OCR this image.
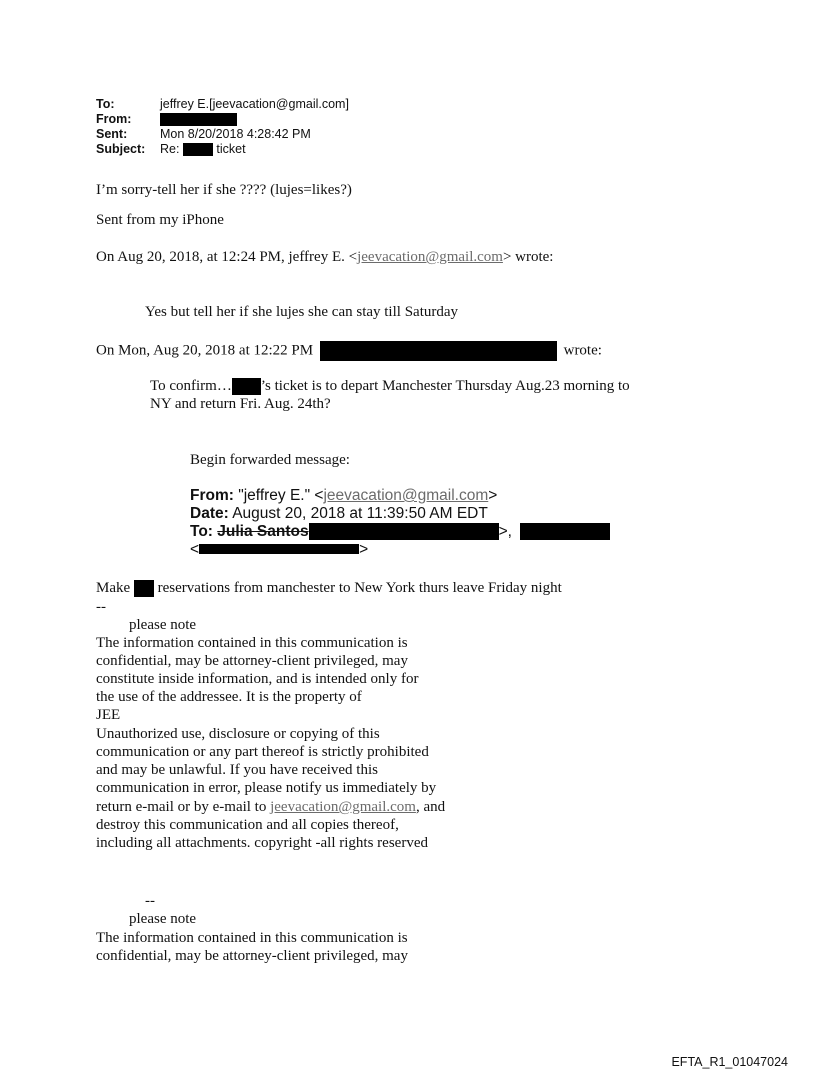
To:	jeffrey E.[jeevacation@gmail.com]
From:
Sent:	Mon 8/20/2018 4:28:42 PM
Subject: Re:	ticket
I’m sorry-tell her if she ???? (lujes=likes?)
Sent from my iPhone
On Aug 20, 2018, at 12:24 PM, jeffrey E. <jeevacation@gmail.com> wrote:
Yes but tell her if she lujes she can stay till Saturday
On Mon, Aug 20, 2018 at 12:22 PM	wrote:
To confirm… ’s ticket is to depart Manchester Thursday Aug.23 morning to
NY and return Fri. Aug. 24th?
Begin forwarded message:
From: "jeffrey E." <jeevacation@gmail.com>
Date: August 20, 2018 at 11:39:50 AM EDT
To: Julia Santos	>,
<	>
Make reservations from manchester to New York thurs leave Friday night
--
please note
The information contained in this communication is
confidential, may be attorney-client privileged, may
constitute inside information, and is intended only for
the use of the addressee. It is the property of
JEE
Unauthorized use, disclosure or copying of this
communication or any part thereof is strictly prohibited
and may be unlawful. If you have received this
communication in error, please notify us immediately by
return e-mail or by e-mail to jeevacation@gmail.com, and
destroy this communication and all copies thereof,
including all attachments. copyright -all rights reserved
--
please note
The information contained in this communication is
confidential, may be attorney-client privileged, may
EFTA_R1_01047024
